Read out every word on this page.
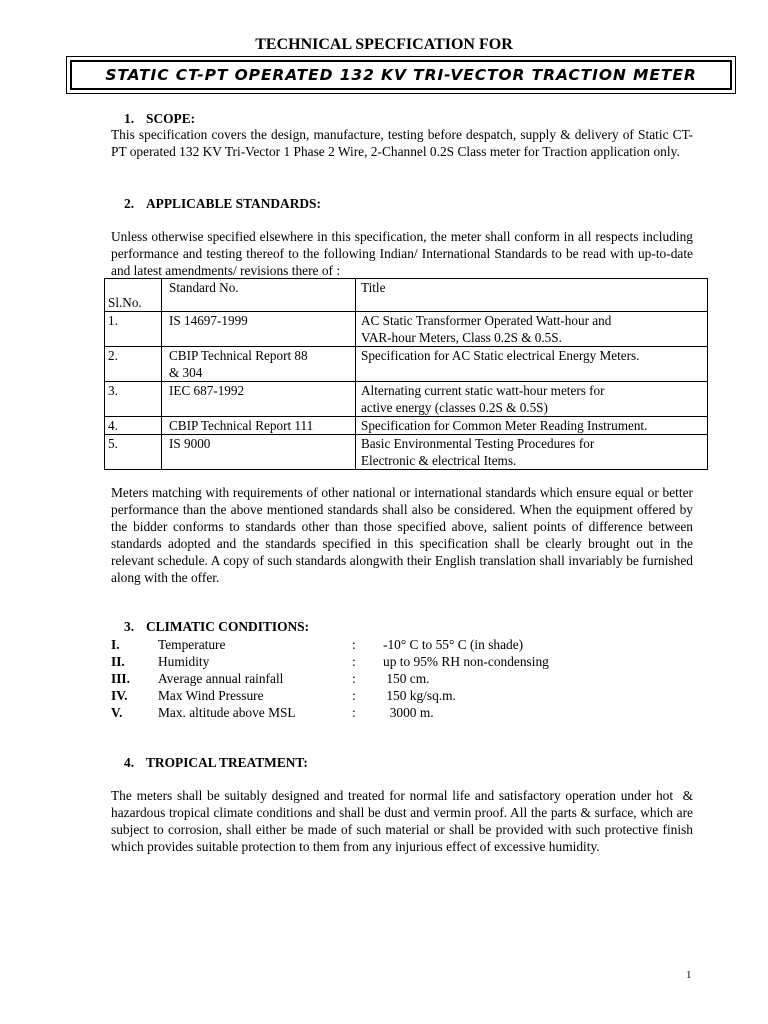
TECHNICAL SPECFICATION FOR
STATIC CT-PT OPERATED 132 KV TRI-VECTOR TRACTION METER
1. SCOPE:
This specification covers the design, manufacture, testing before despatch, supply & delivery of Static CT-PT operated 132 KV Tri-Vector 1 Phase 2 Wire, 2-Channel 0.2S Class meter for Traction application only.
2. APPLICABLE STANDARDS:
Unless otherwise specified elsewhere in this specification, the meter shall conform in all respects including performance and testing thereof to the following Indian/ International Standards to be read with up-to-date and latest amendments/ revisions there of :
Sl.No.	Standard No.	Title
1.	IS 14697-1999	AC Static Transformer Operated Watt-hour and
VAR-hour Meters, Class 0.2S & 0.5S.
2.	CBIP Technical Report 88
& 304	Specification for AC Static electrical Energy Meters.
3.	IEC 687-1992	Alternating current static watt-hour meters for
active energy (classes 0.2S & 0.5S)
4.	CBIP Technical Report 111	Specification for Common Meter Reading Instrument.
5.	IS 9000	Basic Environmental Testing Procedures for
Electronic & electrical Items.
Meters matching with requirements of other national or international standards which ensure equal or better performance than the above mentioned standards shall also be considered. When the equipment offered by the bidder conforms to standards other than those specified above, salient points of difference between standards adopted and the standards specified in this specification shall be clearly brought out in the relevant schedule. A copy of such standards alongwith their English translation shall invariably be furnished along with the offer.
3. CLIMATIC CONDITIONS:
I.	Temperature	: -10° C to 55° C (in shade)
II. Humidity	: up to 95% RH non-condensing
III. Average annual rainfall	: 150 cm.
IV. Max Wind Pressure	: 150 kg/sq.m.
V.	Max. altitude above MSL	: 3000 m.
4. TROPICAL TREATMENT:
The meters shall be suitably designed and treated for normal life and satisfactory operation under hot  & hazardous tropical climate conditions and shall be dust and vermin proof. All the parts & surface, which are subject to corrosion, shall either be made of such material or shall be provided with such protective finish which provides suitable protection to them from any injurious effect of excessive humidity.
1
